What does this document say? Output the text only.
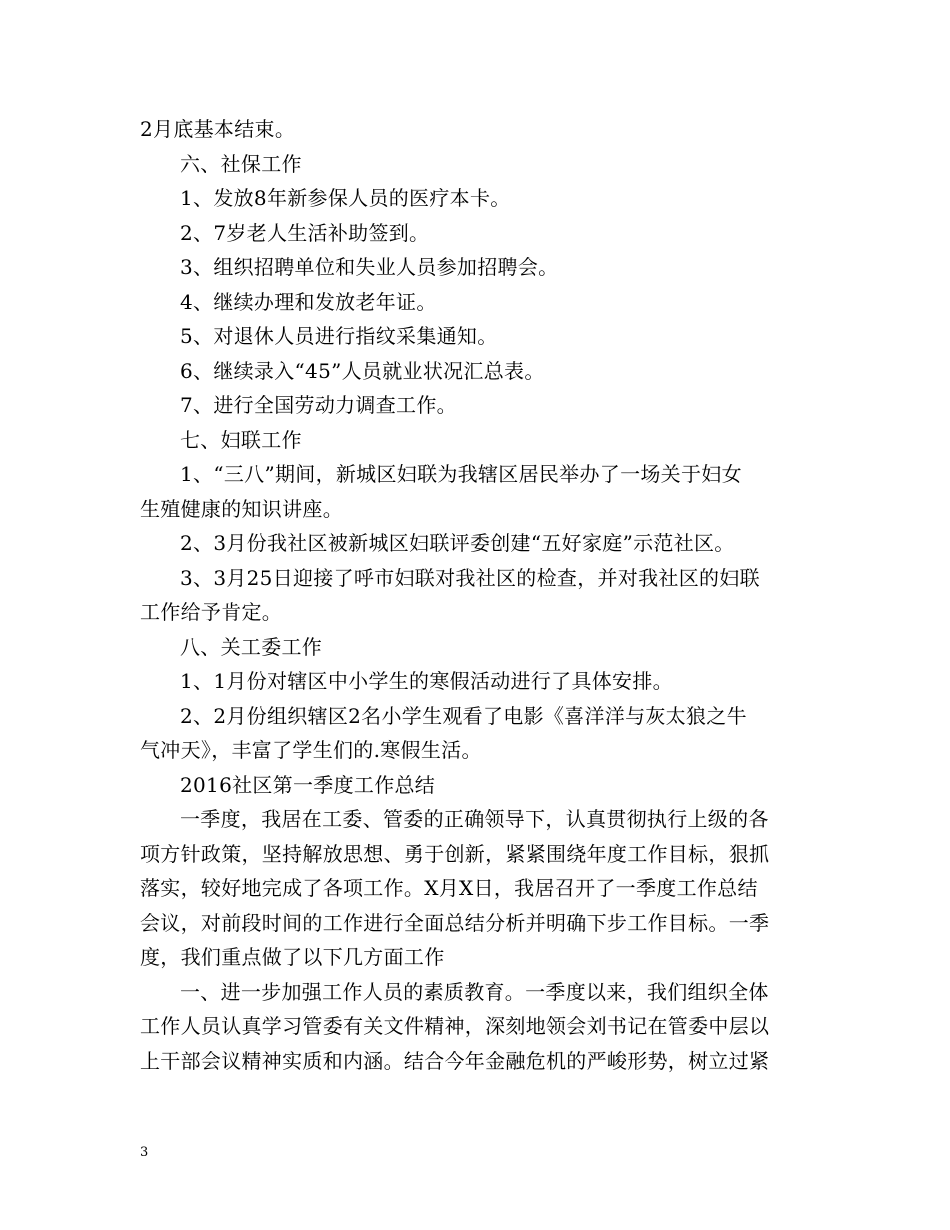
2月底基本结束。
六、社保工作
1、发放8年新参保人员的医疗本卡。
2、7岁老人生活补助签到。
3、组织招聘单位和失业人员参加招聘会。
4、继续办理和发放老年证。
5、对退休人员进行指纹采集通知。
6、继续录入“45”人员就业状况汇总表。
7、进行全国劳动力调查工作。
七、妇联工作
1、“三八”期间，新城区妇联为我辖区居民举办了一场关于妇女
生殖健康的知识讲座。
2、3月份我社区被新城区妇联评委创建“五好家庭”示范社区。
3、3月25日迎接了呼市妇联对我社区的检查，并对我社区的妇联
工作给予肯定。
八、关工委工作
1、1月份对辖区中小学生的寒假活动进行了具体安排。
2、2月份组织辖区2名小学生观看了电影《喜洋洋与灰太狼之牛
气冲天》，丰富了学生们的.寒假生活。
2016社区第一季度工作总结
一季度，我居在工委、管委的正确领导下，认真贯彻执行上级的各
项方针政策，坚持解放思想、勇于创新，紧紧围绕年度工作目标，狠抓
落实，较好地完成了各项工作。X月X日，我居召开了一季度工作总结
会议，对前段时间的工作进行全面总结分析并明确下步工作目标。一季
度，我们重点做了以下几方面工作
一、进一步加强工作人员的素质教育。一季度以来，我们组织全体
工作人员认真学习管委有关文件精神，深刻地领会刘书记在管委中层以
上干部会议精神实质和内涵。结合今年金融危机的严峻形势，树立过紧
3
